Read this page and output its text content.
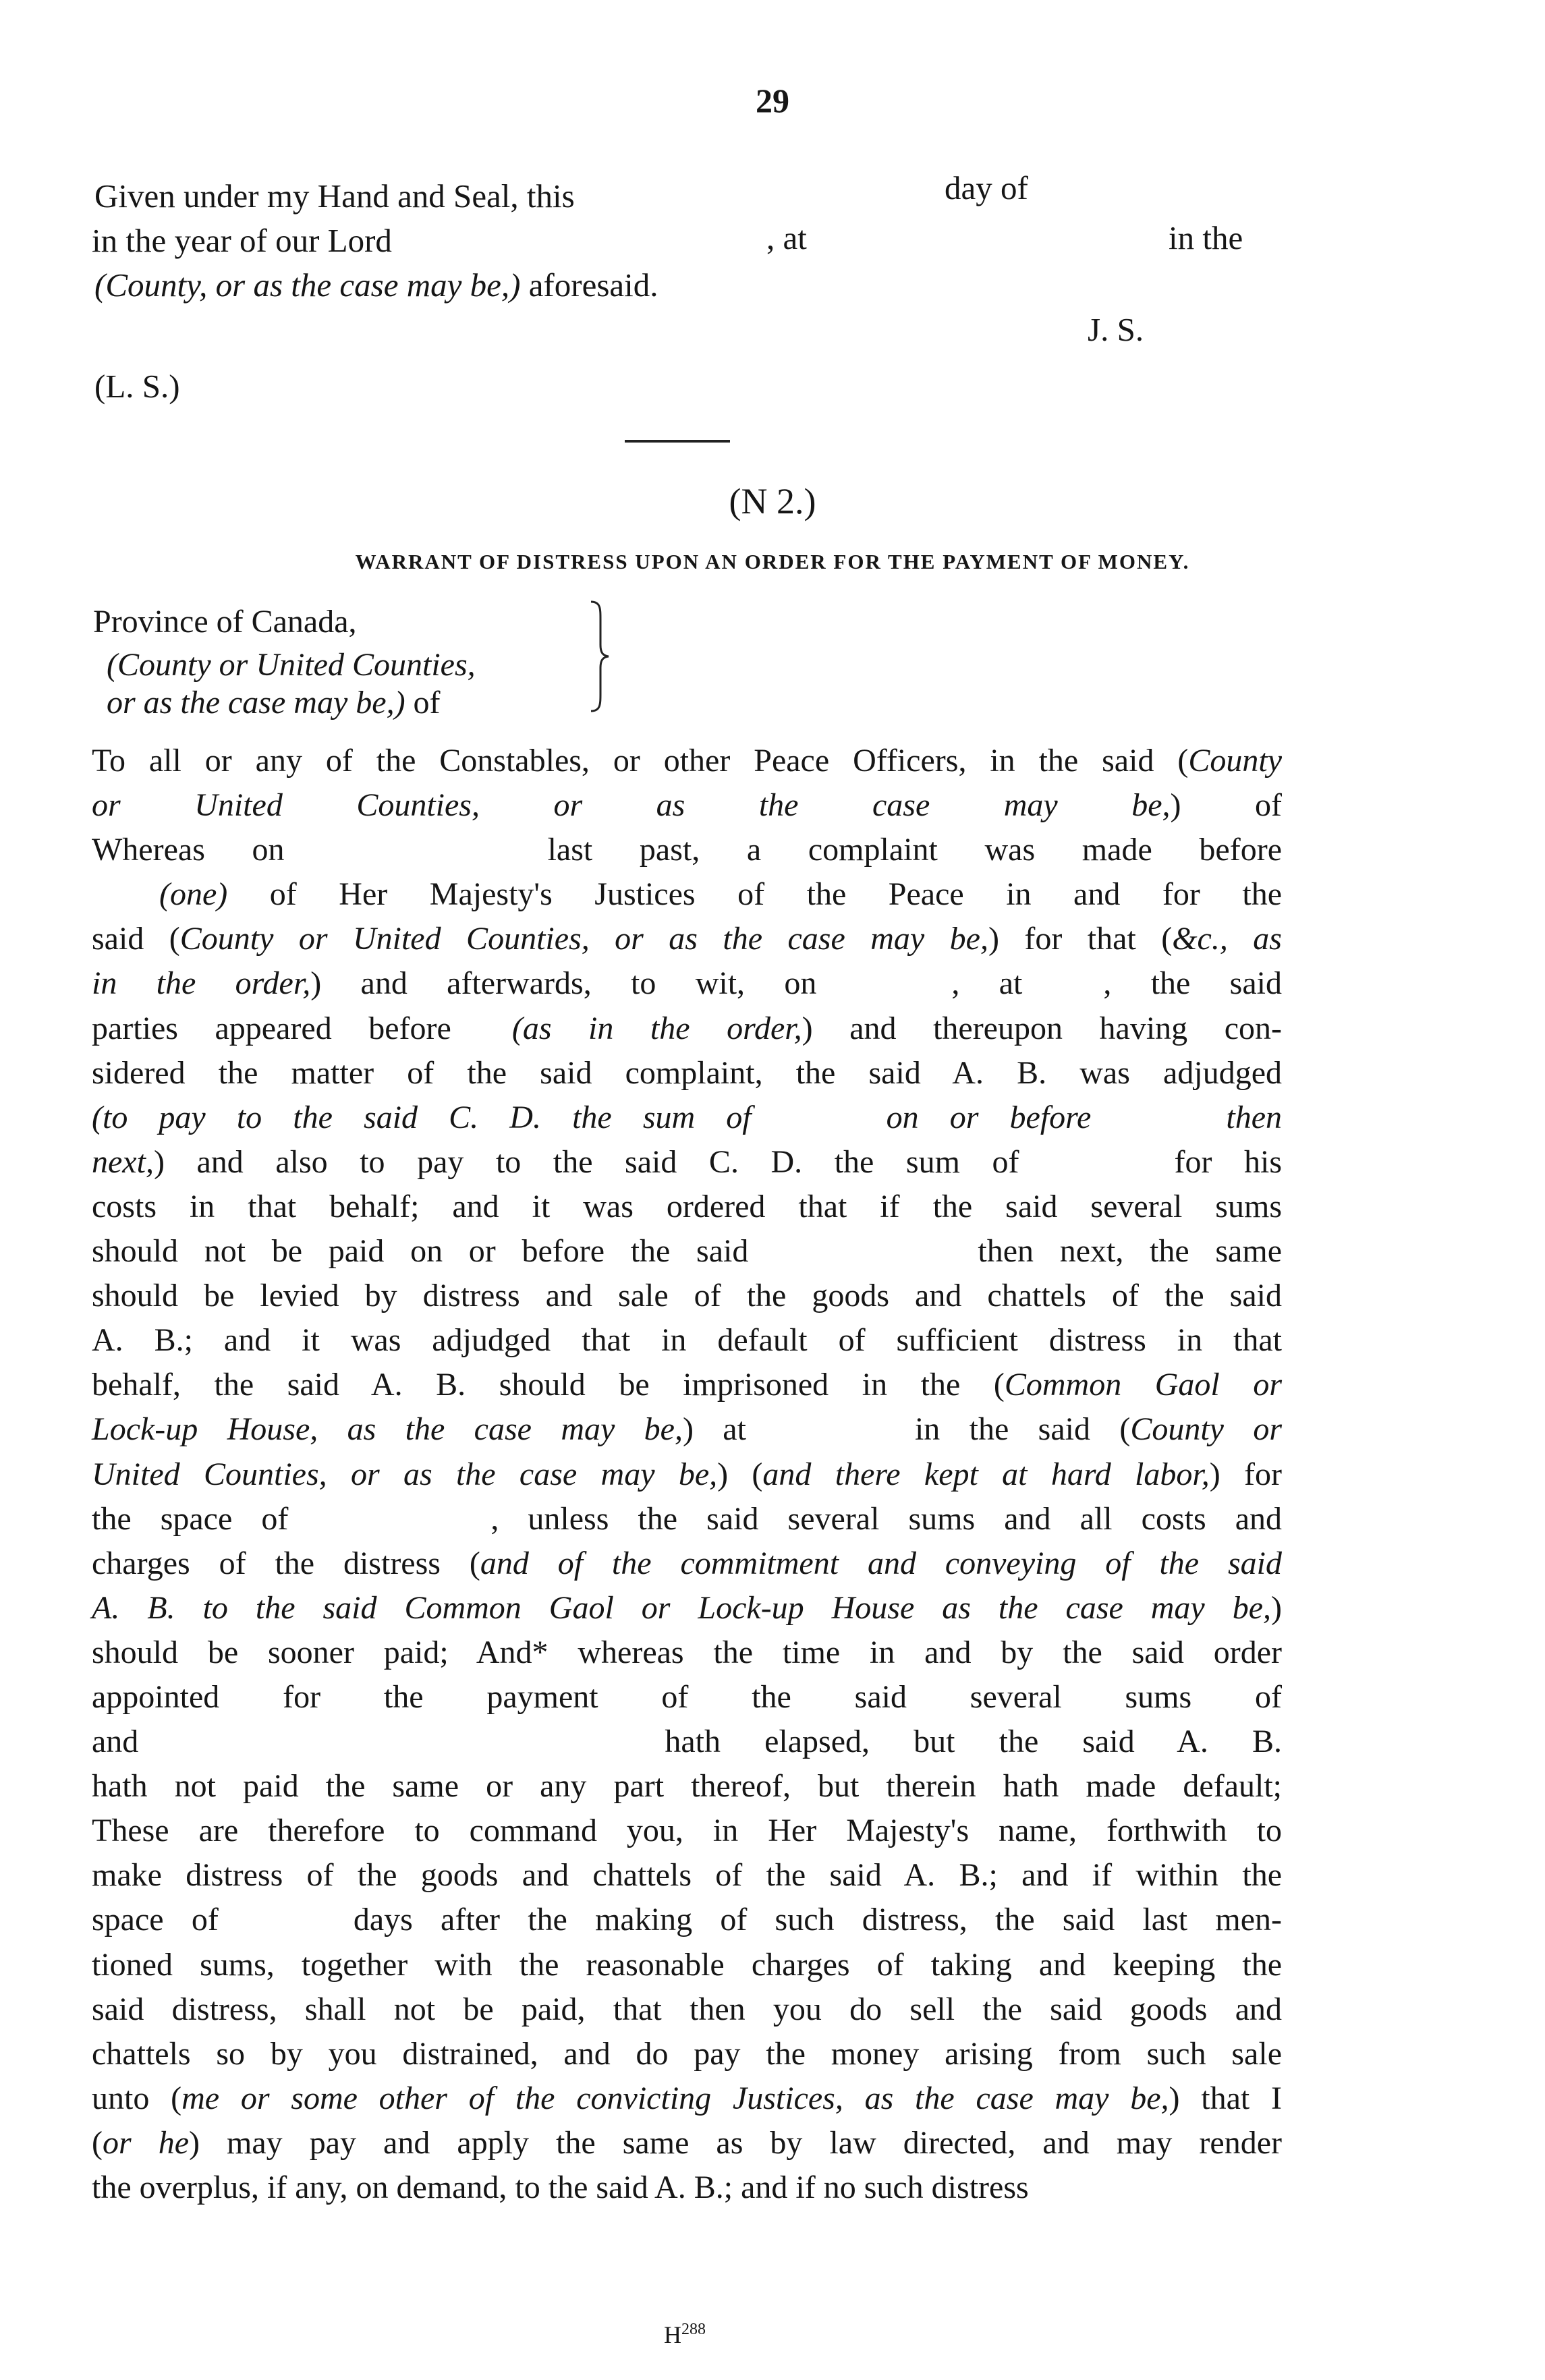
29
Given under my Hand and Seal, this	day of
in the year of our Lord	, at	in the
(County, or as the case may be,) aforesaid.
J. S.
(L. S.)
(N 2.)
WARRANT OF DISTRESS UPON AN ORDER FOR THE PAYMENT OF MONEY.
Province of Canada,
(County or United Counties,
or as the case may be,) of
To all or any of the Constables, or other Peace Officers, in the said (County
or United Counties, or as the case may be,) of
Whereas on	last past, a complaint was made before
(one) of Her Majesty's Justices of the Peace in and for the
said (County or United Counties, or as the case may be,) for that (&c., as
in the order,) and afterwards, to wit, on	, at	, the said
parties appeared before (as in the order,) and thereupon having con-
sidered the matter of the said complaint, the said A. B. was adjudged
(to pay to the said C. D. the sum of	on or before	then
next,) and also to pay to the said C. D. the sum of	for his
costs in that behalf; and it was ordered that if the said several sums
should not be paid on or before the said	then next, the same
should be levied by distress and sale of the goods and chattels of the said
A. B.; and it was adjudged that in default of sufficient distress in that
behalf, the said A. B. should be imprisoned in the (Common Gaol or
Lock-up House, as the case may be,) at	in the said (County or
United Counties, or as the case may be,) (and there kept at hard labor,) for
the space of	, unless the said several sums and all costs and
charges of the distress (and of the commitment and conveying of the said
A. B. to the said Common Gaol or Lock-up House as the case may be,)
should be sooner paid; And* whereas the time in and by the said order
appointed for the payment of the said several sums of
and	hath elapsed, but the said A. B.
hath not paid the same or any part thereof, but therein hath made default;
These are therefore to command you, in Her Majesty's name, forthwith to
make distress of the goods and chattels of the said A. B.; and if within the
space of	days after the making of such distress, the said last men-
tioned sums, together with the reasonable charges of taking and keeping the
said distress, shall not be paid, that then you do sell the said goods and
chattels so by you distrained, and do pay the money arising from such sale
unto (me or some other of the convicting Justices, as the case may be,) that I
(or he) may pay and apply the same as by law directed, and may render
the overplus, if any, on demand, to the said A. B.; and if no such distress
$H^{288}$
